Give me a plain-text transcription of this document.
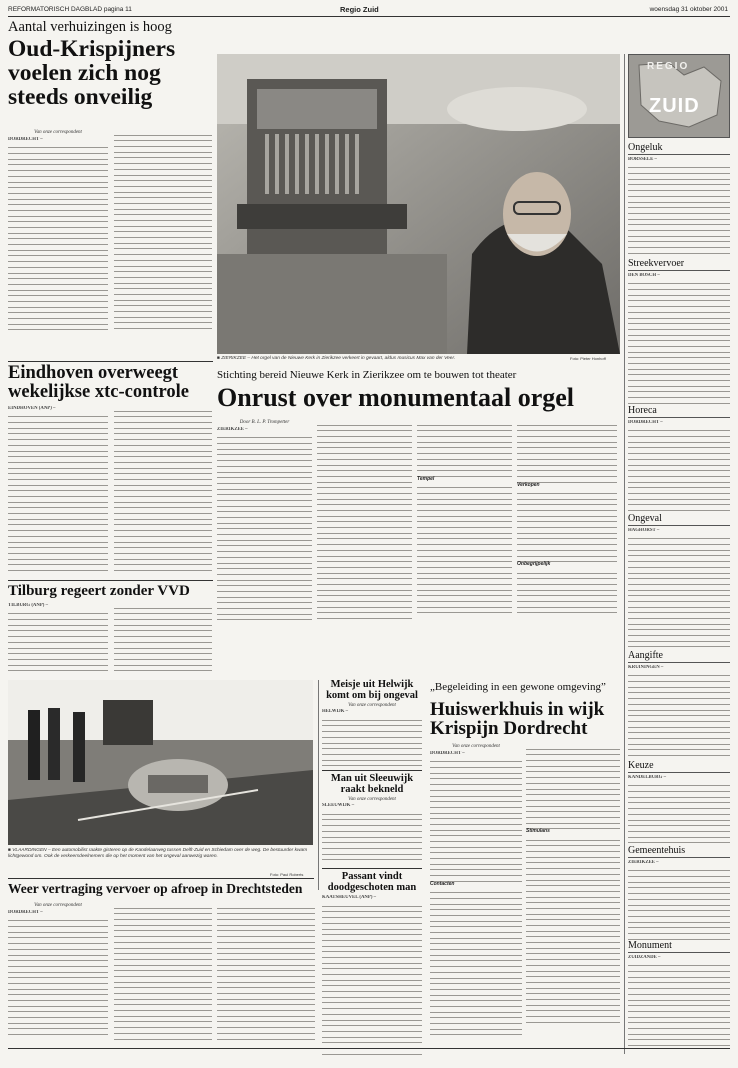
REFORMATORISCH DAGBLAD pagina 11	Regio Zuid	woensdag 31 oktober 2001
Aantal verhuizingen is hoog
Oud-Krispijners voelen zich nog steeds onveilig
Van onze correspondent
DORDRECHT –
■ ZIERIKZEE – Het orgel van de Nieuwe Kerk in Zierikzee verkeert in gevaart, aldus musicus Max van der Veer.	Foto: Pieter Honhoff
REGIO
ZUID
Ongeluk
BORSSELE –
Streekvervoer
DEN BOSCH –
Horeca
DORDRECHT –
Ongeval
HAGHORST –
Aangifte
KRUININGEN –
Keuze
KANDELBURG –
Gemeentehuis
ZIERIKZEE –
Monument
ZUIDZANDE –
Eindhoven overweegt wekelijkse xtc-controle
EINDHOVEN (ANP) –
Stichting bereid Nieuwe Kerk in Zierikzee om te bouwen tot theater
Onrust over monumentaal orgel
Door B. L. P. Trompetter
ZIERIKZEE –
Tempel
Verkopen
Onbegrijpelijk
Tilburg regeert zonder VVD
TILBURG (ANP) –
■ VLAARDINGEN – Een automobilist raakte gisteren op de Kandelaarweg tussen Delft-Zuid en Schiedam over de weg. De bestuurder kwam lichtgewond om. Ook de verkeersdeelnemers die op het moment van het ongeval aanwezig waren.
Foto: Paul Roberts
Meisje uit Helwijk komt om bij ongeval
Van onze correspondent
HELWIJK –
Man uit Sleeuwijk raakt bekneld
Van onze correspondent
SLEEUWIJK –
Passant vindt doodgeschoten man
KAATSHEUVEL (ANP) –
„Begeleiding in een gewone omgeving”
Huiswerkhuis in wijk Krispijn Dordrecht
Van onze correspondent
DORDRECHT –
Contacten
Stimulans
Weer vertraging vervoer op afroep in Drechtsteden
Van onze correspondent
DORDRECHT –
